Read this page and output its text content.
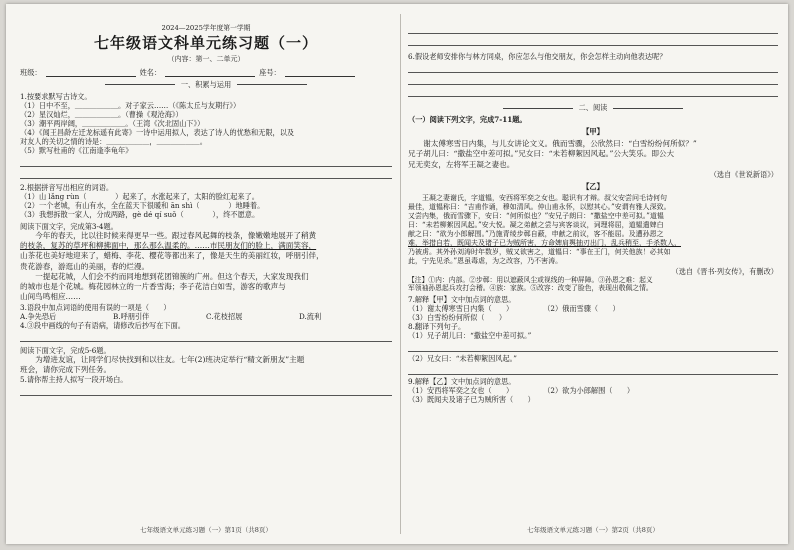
2024—2025学年度第一学期
七年级语文科单元练习题（一）
（内容：第一、二单元）
班级：	姓名：	座号：
一、积累与运用

1.按要求默写古诗文。

（1）日中不至，＿＿＿＿＿＿。对子家云……（《陈太丘与友期行》）

（2）星汉灿烂，＿＿＿＿＿＿。（曹操《观沧海》）

（3）潮平两岸阔，＿＿＿＿＿＿。（王湾《次北固山下》）

（4）《闻王昌龄左迁龙标遥有此寄》一诗中运用拟人，表达了诗人的忧愁和无限，以及

对友人的关切之情的诗是：＿＿＿＿＿＿，＿＿＿＿＿＿。

（5）默写杜甫的《江南逢李龟年》

2.根据拼音写出相应的词语。

（1）山 lǎng rùn（　　　　）起来了，水涨起来了，太阳的脸红起来了。

（2）一个老城，有山有水，全在蓝天下很暖和 ān shì（　　　　）地睡着。

（3）我想拆散一家人，分成两路，gè dé qí suǒ（　　　　），终不愿意。

阅读下面文字，完成第3-4题。

今年的春天，比以往时候来得更早一些。跟过春风起舞的枝条，像嫩嫩地展开了稍黄

的枝条，复苏的草坪和柳拂面中，那么那么温柔的。……市民朋友们的脸上，满面笑容，

山茶花也美好地迎来了，蜡梅、李花、樱花等都出来了，像是天生的美丽红妆，呼朋引伴，

贵花游春，游逛山的美丽，春的烂漫。

一提起花城，人们会不约而同地想到花团锦簇的广州。但这个春天，大家发现我们

的城市也是个花城。梅花园林立的一片香雪海；李子花洁白如雪，游客的歌声与

山间鸟鸣相应……

3.语段中加点词语的使用有误的一项是（　　）

A.争先恐后	B.呼朋引伴	C.花枝招展	D.流利

4.③段中画线的句子有语病，请修改后抄写在下面。

阅读下面文字，完成5-6题。

为增进友谊，让同学们尽快找到和以往友。七年(2)班决定举行“精文新朋友”主题

班会，请你完成下列任务。

5.请你帮主持人拟写一段开场白。

七年级语文单元练习题（一）第1页（共8页）

6.假设老师安排你与林方同桌，你应怎么与他交朋友，你会怎样主动向他表达呢？

二、阅读

（一）阅读下列文字，完成7-11题。

【甲】

谢太傅寒雪日内集，与儿女讲论文义。俄而雪骤，公欣然曰：“白雪纷纷何所似？”

兄子胡儿曰：“撒盐空中差可拟。”兄女曰：“未若柳絮因风起。”公大笑乐。即公大

兄无奕女，左将军王凝之妻也。

（选自《世说新语》）
【乙】

王凝之妻谢氏，字道韫，安西将军奕之女也。聪识有才辩。叔父安尝问毛诗何句

最佳，道韫称曰：“吉甫作诵，穆如清风。仲山甫永怀，以慰其心。”安谓有雅人深致。

又尝内集，俄而雪骤下，安曰：“何所似也？”安兄子朗曰：“撒盐空中差可拟。”道韫

曰：“未若柳絮因风起。”安大悦。凝之弟献之尝与宾客谈议，词理将屈，道韫遣婢白

献之曰：“欲为小郎解围。”乃施青绫步鄣自蔽，申献之前议，客不能屈。及遭孙恩之

难，举措自若，既闻夫及诸子已为贼所害，方命婢肩舆抽刃出门，乱兵稍至，手杀数人，

乃被虏。其外孙刘涛时年数岁，贼又欲害之，道韫曰：“事在王门，何关他族！必其如

此，宁先见杀。”恩虽毒虐，为之改容，乃不害涛。

（选自《晋书·列女传》，有删改）

【注】①内：内部。②步鄣：用以遮蔽风尘或视线的一种屏障。③孙恩之难：起义

军领袖孙恩起兵攻打会稽。④族：家族。⑤改容：改变了脸色，表现出敬佩之情。

7.解释【甲】文中加点词的意思。

（1）谢太傅寒雪日内集（　　）	（2）俄而雪骤（　　）

（3）白雪纷纷何所似（　　）

8.翻译下列句子。

（1）兄子胡儿曰：“撒盐空中差可拟。”

（2）兄女曰：“未若柳絮因风起。”

9.解释【乙】文中加点词的意思。

（1）安西将军奕之女也（　　）	（2）欲为小郎解围（　　）

（3）既闻夫及诸子已为贼所害（　　）

七年级语文单元练习题（一）第2页（共8页）
